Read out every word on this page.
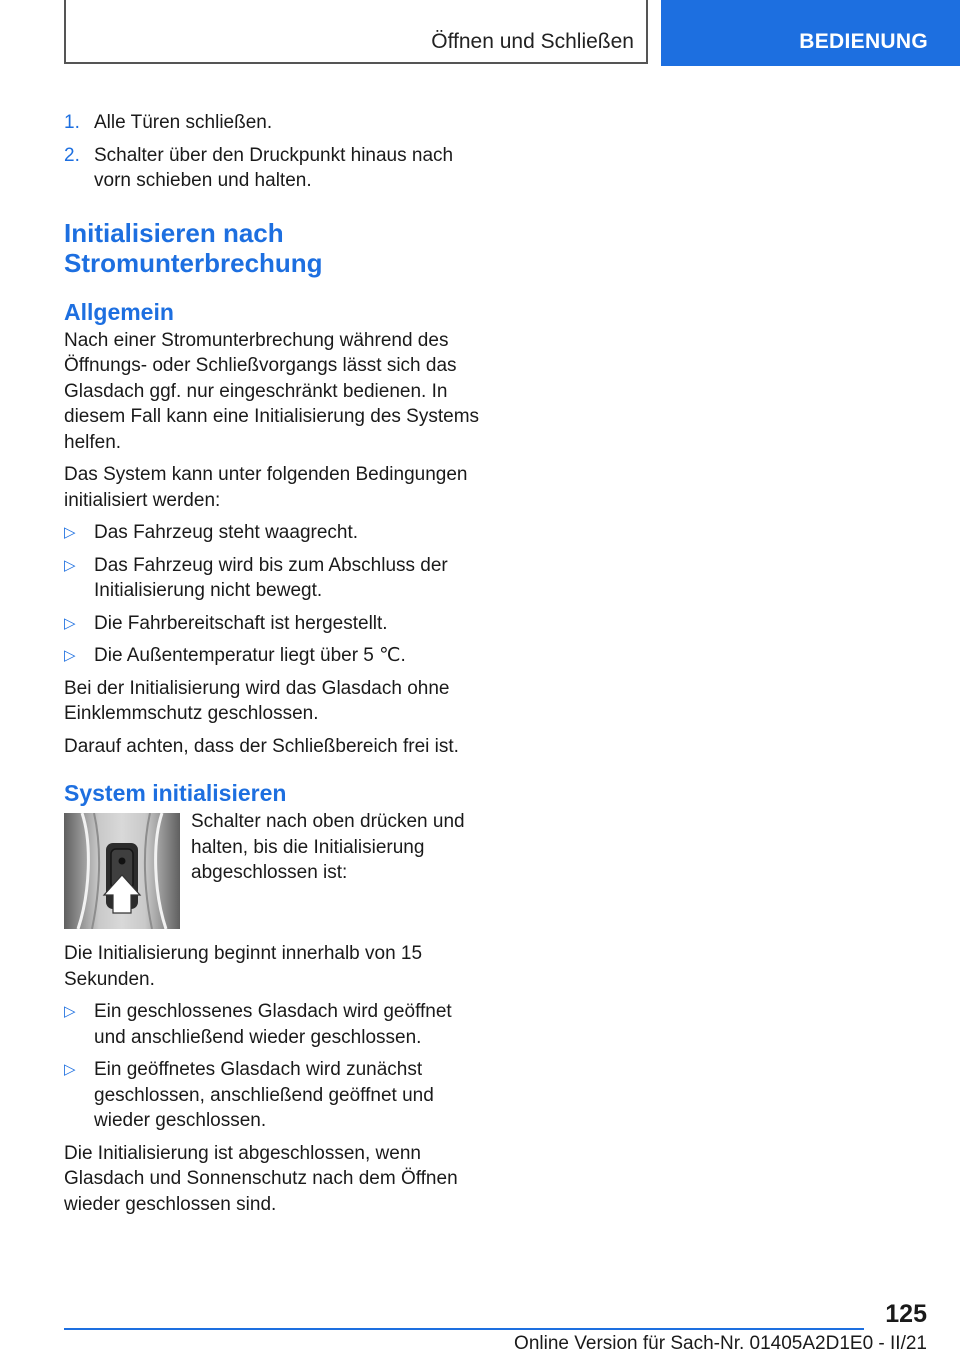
Öffnen und Schließen	BEDIENUNG
1. Alle Türen schließen.
2. Schalter über den Druckpunkt hinaus nach vorn schieben und halten.
Initialisieren nach Stromunterbrechung
Allgemein

Nach einer Stromunterbrechung während des Öffnungs- oder Schließvorgangs lässt sich das Glasdach ggf. nur eingeschränkt bedienen. In diesem Fall kann eine Initialisierung des Systems helfen.

Das System kann unter folgenden Bedingungen initialisiert werden:

▷ Das Fahrzeug steht waagrecht.
▷ Das Fahrzeug wird bis zum Abschluss der Initialisierung nicht bewegt.
▷ Die Fahrbereitschaft ist hergestellt.
▷ Die Außentemperatur liegt über 5 ℃.

Bei der Initialisierung wird das Glasdach ohne Einklemmschutz geschlossen.

Darauf achten, dass der Schließbereich frei ist.

System initialisieren
Schalter nach oben drücken und halten, bis die Initialisierung abgeschlossen ist:

Die Initialisierung beginnt innerhalb von 15 Sekunden.

▷ Ein geschlossenes Glasdach wird geöffnet und anschließend wieder geschlossen.
▷ Ein geöffnetes Glasdach wird zunächst geschlossen, anschließend geöffnet und wieder geschlossen.

Die Initialisierung ist abgeschlossen, wenn Glasdach und Sonnenschutz nach dem Öffnen wieder geschlossen sind.

125
Online Version für Sach-Nr. 01405A2D1E0 - II/21
